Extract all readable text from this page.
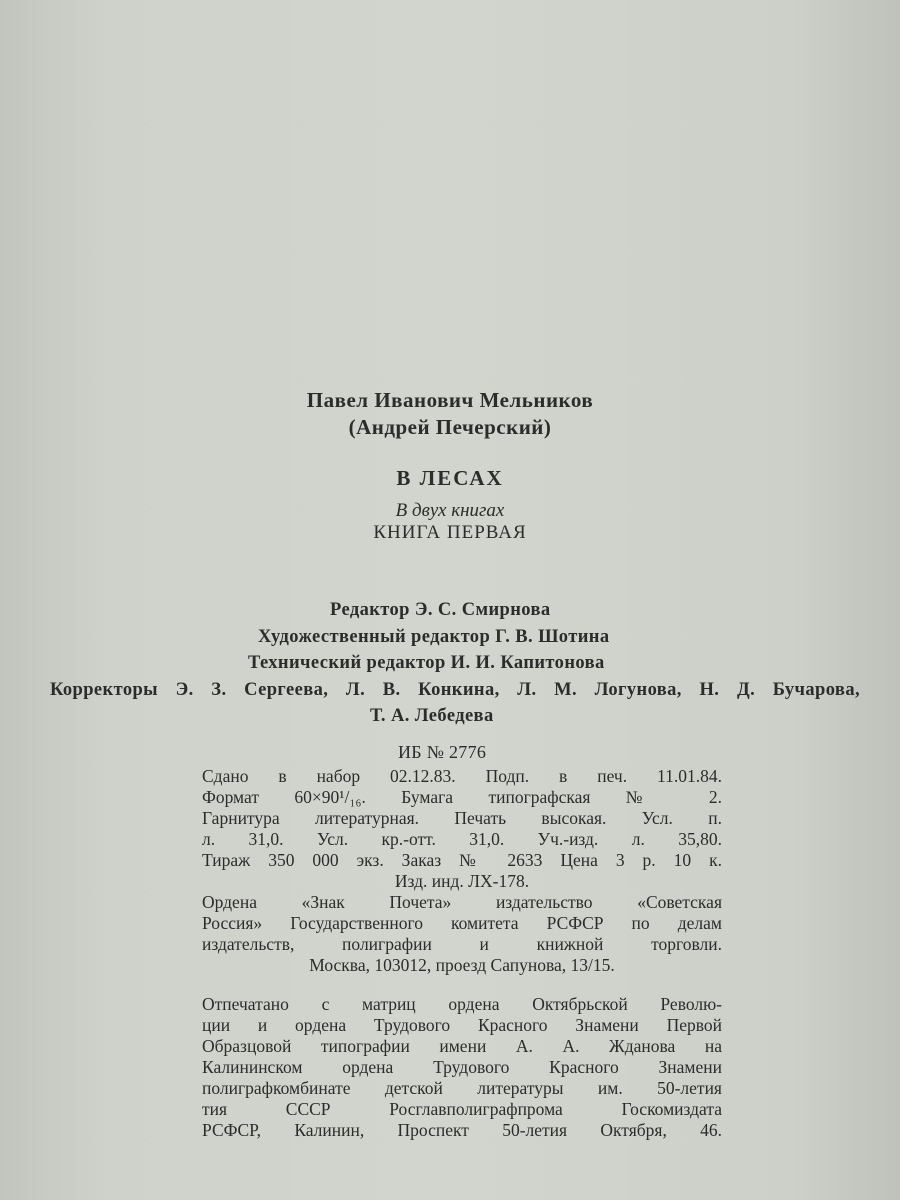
Павел Иванович Мельников
(Андрей Печерский)
В ЛЕСАХ
В двух книгах
КНИГА ПЕРВАЯ
Редактор Э. С. Смирнова
Художественный редактор Г. В. Шотина
Технический редактор И. И. Капитонова
Корректоры Э. З. Сергеева, Л. В. Конкина, Л. М. Логунова, Н. Д. Бучарова,
Т. А. Лебедева
ИБ № 2776
Сдано в набор 02.12.83. Подп. в печ. 11.01.84.
Формат 60×90¹/₁₆. Бумага типографская № 2.
Гарнитура литературная. Печать высокая. Усл. п.
л. 31,0. Усл. кр.-отт. 31,0. Уч.-изд. л. 35,80.
Тираж 350 000 экз. Заказ № 2633 Цена 3 р. 10 к.
Изд. инд. ЛХ-178.
Ордена «Знак Почета» издательство «Советская
Россия» Государственного комитета РСФСР по делам
издательств, полиграфии и книжной торговли.
Москва, 103012, проезд Сапунова, 13/15.
Отпечатано с матриц ордена Октябрьской Револю-
ции и ордена Трудового Красного Знамени Первой
Образцовой типографии имени А. А. Жданова на
Калининском ордена Трудового Красного Знамени
полиграфкомбинате детской литературы им. 50-летия
тия СССР Росглавполиграфпрома Госкомиздата
РСФСР, Калинин, Проспект 50-летия Октября, 46.
